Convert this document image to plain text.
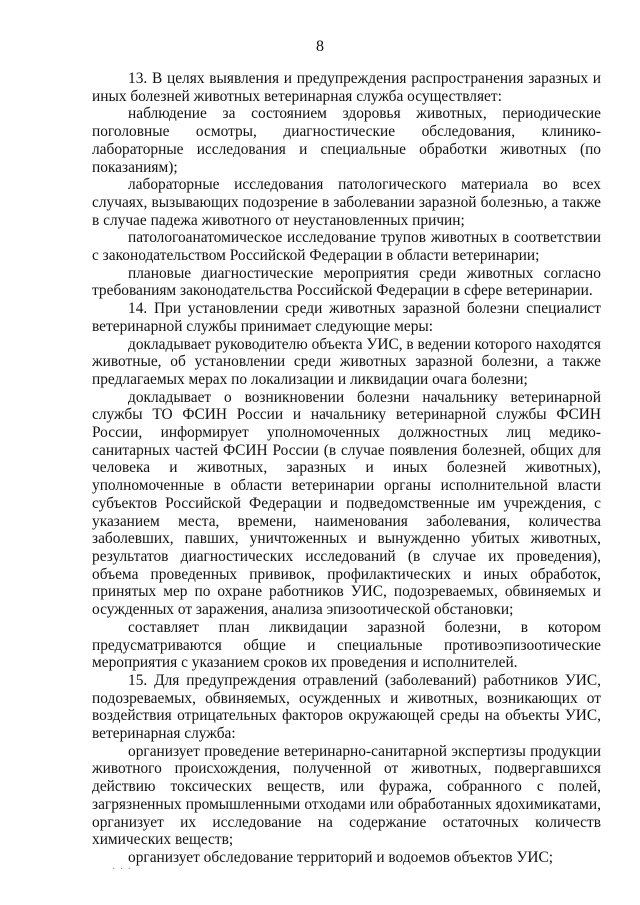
8

13. В целях выявления и предупреждения распространения заразных и иных болезней животных ветеринарная служба осуществляет:

наблюдение за состоянием здоровья животных, периодические поголовные осмотры, диагностические обследования, клинико-лабораторные исследования и специальные обработки животных (по показаниям);

лабораторные исследования патологического материала во всех случаях, вызывающих подозрение в заболевании заразной болезнью, а также в случае падежа животного от неустановленных причин;

патологоанатомическое исследование трупов животных в соответствии с законодательством Российской Федерации в области ветеринарии;

плановые диагностические мероприятия среди животных согласно требованиям законодательства Российской Федерации в сфере ветеринарии.

14. При установлении среди животных заразной болезни специалист ветеринарной службы принимает следующие меры:

докладывает руководителю объекта УИС, в ведении которого находятся животные, об установлении среди животных заразной болезни, а также предлагаемых мерах по локализации и ликвидации очага болезни;

докладывает о возникновении болезни начальнику ветеринарной службы ТО ФСИН России и начальнику ветеринарной службы ФСИН России, информирует уполномоченных должностных лиц медико-санитарных частей ФСИН России (в случае появления болезней, общих для человека и животных, заразных и иных болезней животных), уполномоченные в области ветеринарии органы исполнительной власти субъектов Российской Федерации и подведомственные им учреждения, с указанием места, времени, наименования заболевания, количества заболевших, павших, уничтоженных и вынужденно убитых животных, результатов диагностических исследований (в случае их проведения), объема проведенных прививок, профилактических и иных обработок, принятых мер по охране работников УИС, подозреваемых, обвиняемых и осужденных от заражения, анализа эпизоотической обстановки;

составляет план ликвидации заразной болезни, в котором предусматриваются общие и специальные противоэпизоотические мероприятия с указанием сроков их проведения и исполнителей.

15. Для предупреждения отравлений (заболеваний) работников УИС, подозреваемых, обвиняемых, осужденных и животных, возникающих от воздействия отрицательных факторов окружающей среды на объекты УИС, ветеринарная служба:

организует проведение ветеринарно-санитарной экспертизы продукции животного происхождения, полученной от животных, подвергавшихся действию токсических веществ, или фуража, собранного с полей, загрязненных промышленными отходами или обработанных ядохимикатами, организует их исследование на содержание остаточных количеств химических веществ;

организует обследование территорий и водоемов объектов УИС;

· · ·
